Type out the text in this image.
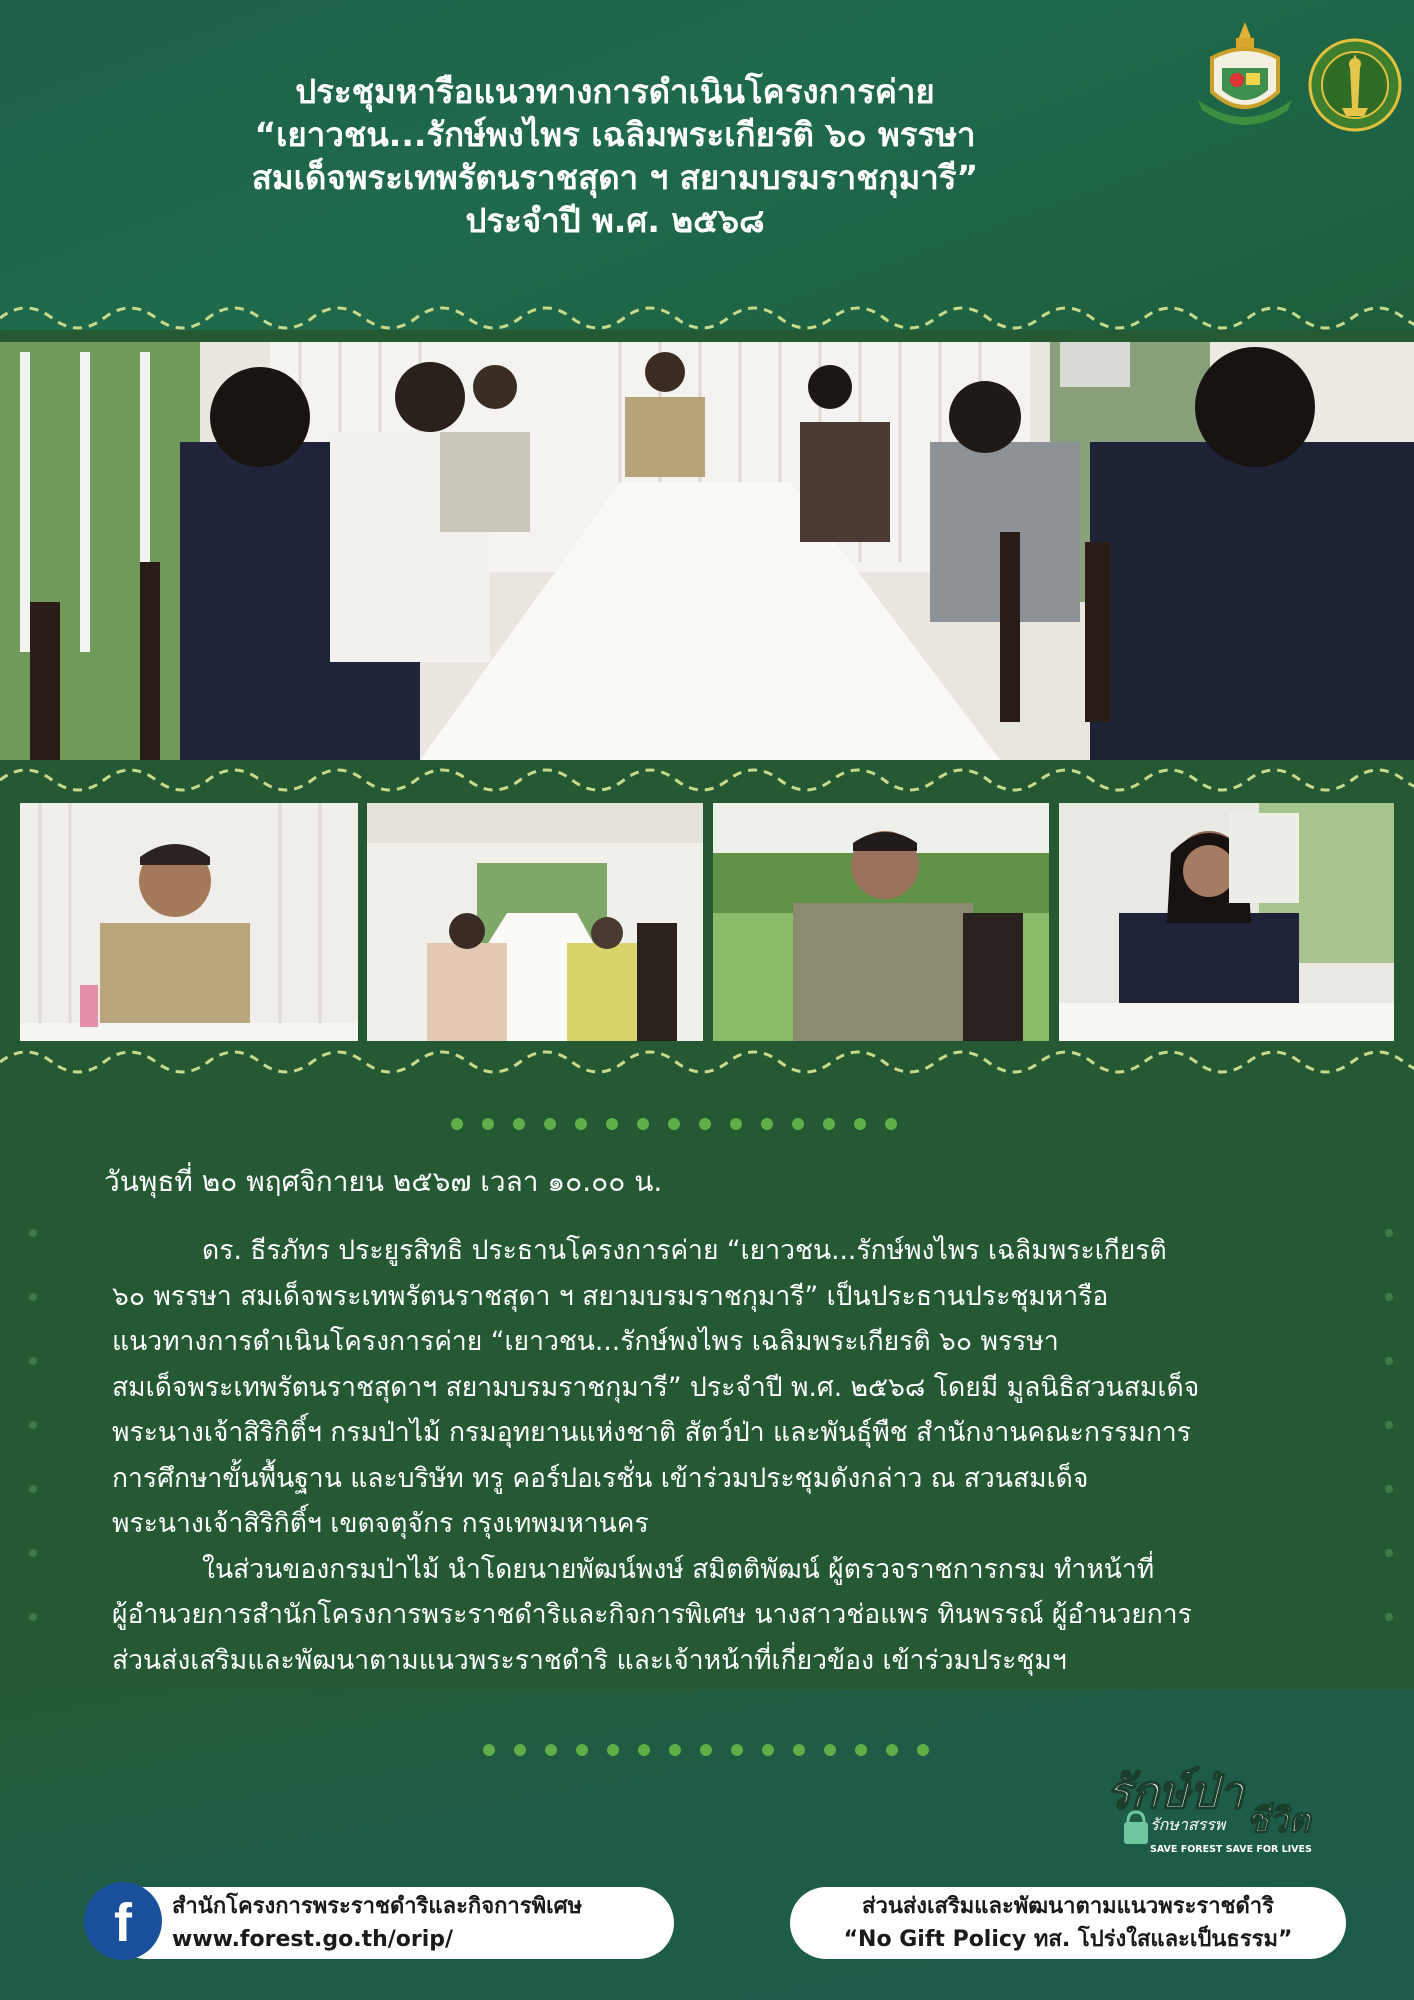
ประชุมหารือแนวทางการดำเนินโครงการค่าย
“เยาวชน...รักษ์พงไพร เฉลิมพระเกียรติ ๖๐ พรรษา
สมเด็จพระเทพรัตนราชสุดา ฯ สยามบรมราชกุมารี”
ประจำปี พ.ศ. ๒๕๖๘
วันพุธที่ ๒๐ พฤศจิกายน ๒๕๖๗ เวลา ๑๐.๐๐ น.
ดร. ธีรภัทร ประยูรสิทธิ ประธานโครงการค่าย “เยาวชน...รักษ์พงไพร เฉลิมพระเกียรติ
๖๐ พรรษา สมเด็จพระเทพรัตนราชสุดา ฯ สยามบรมราชกุมารี” เป็นประธานประชุมหารือ
แนวทางการดำเนินโครงการค่าย “เยาวชน...รักษ์พงไพร เฉลิมพระเกียรติ ๖๐ พรรษา
สมเด็จพระเทพรัตนราชสุดาฯ สยามบรมราชกุมารี” ประจำปี พ.ศ. ๒๕๖๘ โดยมี มูลนิธิสวนสมเด็จ
พระนางเจ้าสิริกิติ์ฯ กรมป่าไม้ กรมอุทยานแห่งชาติ สัตว์ป่า และพันธุ์พืช สำนักงานคณะกรรมการ
การศึกษาขั้นพื้นฐาน และบริษัท ทรู คอร์ปอเรชั่น เข้าร่วมประชุมดังกล่าว ณ สวนสมเด็จ
พระนางเจ้าสิริกิติ์ฯ เขตจตุจักร กรุงเทพมหานคร
ในส่วนของกรมป่าไม้ นำโดยนายพัฒน์พงษ์ สมิตติพัฒน์ ผู้ตรวจราชการกรม ทำหน้าที่
ผู้อำนวยการสำนักโครงการพระราชดำริและกิจการพิเศษ นางสาวช่อแพร ทินพรรณ์ ผู้อำนวยการ
ส่วนส่งเสริมและพัฒนาตามแนวพระราชดำริ และเจ้าหน้าที่เกี่ยวข้อง เข้าร่วมประชุมฯ
รักษ์ป่า
ชีวิต
รักษาสรรพ
SAVE FOREST SAVE FOR LIVES
สำนักโครงการพระราชดำริและกิจการพิเศษ
www.forest.go.th/orip/
f	ส่วนส่งเสริมและพัฒนาตามแนวพระราชดำริ
“No Gift Policy ทส. โปร่งใสและเป็นธรรม”
